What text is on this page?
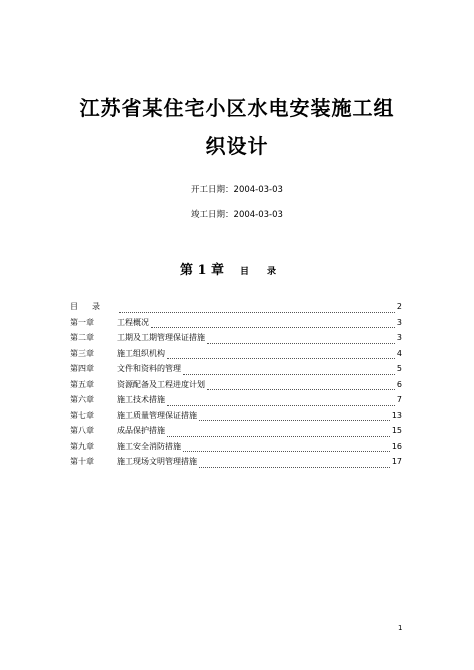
江苏省某住宅小区水电安装施工组
织设计
开工日期：2004-03-03
竣工日期：2004-03-03
第 1 章 目录
目录	2
第一章	工程概况	3
第二章	工期及工期管理保证措施	3
第三章	施工组织机构	4
第四章	文件和资料的管理	5
第五章	资源配备及工程进度计划	6
第六章	施工技术措施	7
第七章	施工质量管理保证措施	13
第八章	成品保护措施	15
第九章	施工安全消防措施	16
第十章	施工现场文明管理措施	17
1
